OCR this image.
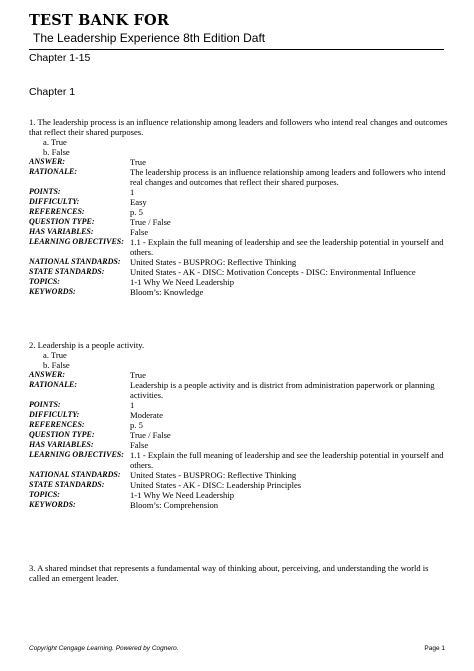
TEST BANK FOR
The Leadership Experience 8th Edition Daft
Chapter 1-15
Chapter 1
1. The leadership process is an influence relationship among leaders and followers who intend real changes and outcomes that reflect their shared purposes.
a. True
b. False
ANSWER:	True
RATIONALE:	The leadership process is an influence relationship among leaders and followers who intend real changes and outcomes that reflect their shared purposes.
POINTS:	1
DIFFICULTY:	Easy
REFERENCES:	p. 5
QUESTION TYPE:	True / False
HAS VARIABLES:	False
LEARNING OBJECTIVES: 1.1 - Explain the full meaning of leadership and see the leadership potential in yourself and others.
NATIONAL STANDARDS:	United States - BUSPROG: Reflective Thinking
STATE STANDARDS:	United States - AK - DISC: Motivation Concepts - DISC: Environmental Influence
TOPICS:	1-1 Why We Need Leadership
KEYWORDS:	Bloom’s: Knowledge
2. Leadership is a people activity.
a. True
b. False
ANSWER:	True
RATIONALE:	Leadership is a people activity and is district from administration paperwork or planning activities.
POINTS:	1
DIFFICULTY:	Moderate
REFERENCES:	p. 5
QUESTION TYPE:	True / False
HAS VARIABLES:	False
LEARNING OBJECTIVES: 1.1 - Explain the full meaning of leadership and see the leadership potential in yourself and others.
NATIONAL STANDARDS:	United States - BUSPROG: Reflective Thinking
STATE STANDARDS:	United States - AK - DISC: Leadership Principles
TOPICS:	1-1 Why We Need Leadership
KEYWORDS:	Bloom’s: Comprehension
3. A shared mindset that represents a fundamental way of thinking about, perceiving, and understanding the world is called an emergent leader.
Copyright Cengage Learning. Powered by Cognero.	Page 1
